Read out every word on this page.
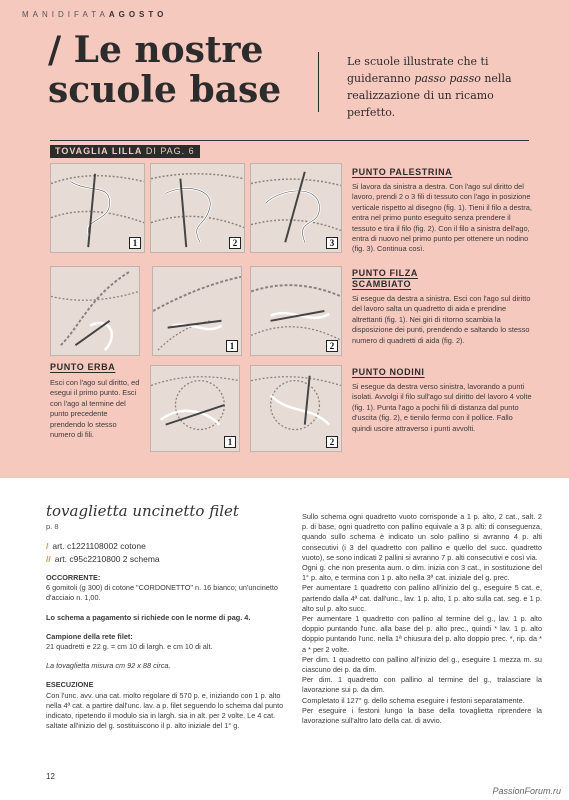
MANIDIFATAAGOSTO
/ Le nostre
scuole base
Le scuole illustrate che ti guideranno passo passo nella realizzazione di un ricamo perfetto.
TOVAGLIA LILLA DI PAG. 6
1	2	3
1	2
1	2
PUNTO PALESTRINA
Si lavora da sinistra a destra. Con l'ago sul diritto del lavoro, prendi 2 o 3 fili di tessuto con l'ago in posizione verticale rispetto al disegno (fig. 1). Tieni il filo a destra, entra nel primo punto eseguito senza prendere il tessuto e tira il filo (fig. 2). Con il filo a sinistra dell'ago, entra di nuovo nel primo punto per ottenere un nodino (fig. 3). Continua così.
PUNTO FILZA
SCAMBIATO
Si esegue da destra a sinistra. Esci con l'ago sul diritto del lavoro salta un quadretto di aida e prendine altrettanti (fig. 1). Nei giri di ritorno scambia la disposizione dei punti, prendendo e saltando lo stesso numero di quadretti di aida (fig. 2).
PUNTO ERBA
Esci con l'ago sul diritto, ed esegui il primo punto. Esci con l'ago al termine del punto precedente prendendo lo stesso numero di fili.
PUNTO NODINI
Si esegue da destra verso sinistra, lavorando a punti isolati. Avvolgi il filo sull'ago sul diritto del lavoro 4 volte (fig. 1). Punta l'ago a pochi fili di distanza dal punto d'uscita (fig. 2), e tienilo fermo con il pollice. Fallo quindi uscire attraverso i punti avvolti.
tovaglietta uncinetto filet
p. 8
/ art. c1221108002 cotone
// art. c95c2210800 2 schema
OCCORRENTE:
6 gomitoli (g 300) di cotone "CORDONETTO" n. 16 bianco; un'uncinetto d'acciaio n. 1,00.
Lo schema a pagamento si richiede con le norme di pag. 4.
Campione della rete filet:
21 quadretti e 22 g. = cm 10 di largh. e cm 10 di alt.
La tovaglietta misura cm 92 x 88 circa.
ESECUZIONE
Con l'unc. avv. una cat. molto regolare di 570 p. e, iniziando con 1 p. alto nella 4ª cat. a partire dall'unc. lav. a p. filet seguendo lo schema dal punto indicato, ripetendo il modulo sia in largh. sia in alt. per 2 volte. Le 4 cat. saltate all'inizio del g. sostituiscono il p. alto iniziale del 1° g.

Sullo schema ogni quadretto vuoto corrisponde a 1 p. alto, 2 cat., salt. 2 p. di base, ogni quadretto con pallino equivale a 3 p. alti: di conseguenza, quando sullo schema è indicato un solo pallino si avranno 4 p. alti consecutivi (i 3 del quadretto con pallino e quello del succ. quadretto vuoto), se sono indicati 2 pallini si avranno 7 p. alti consecutivi e così via.

Ogni g. che non presenta aum. o dim. inizia con 3 cat., in sostituzione del 1° p. alto, e termina con 1 p. alto nella 3ª cat. iniziale del g. prec.

Per aumentare 1 quadretto con pallino all'inizio del g., eseguire 5 cat. e, partendo dalla 4ª cat. dall'unc., lav. 1 p. alto, 1 p. alto sulla cat. seg. e 1 p. alto sul p. alto succ.

Per aumentare 1 quadretto con pallino al termine del g., lav. 1 p. alto doppio puntando l'unc. alla base del p. alto prec., quindi * lav. 1 p. alto doppio puntando l'unc. nella 1ª chiusura del p. alto doppio prec. *, rip. da * a * per 2 volte.

Per dim. 1 quadretto con pallino all'inizio del g., eseguire 1 mezza m. su ciascuno dei p. da dim.

Per dim. 1 quadretto con pallino al termine del g., tralasciare la lavorazione sui p. da dim.

Completato il 127° g. dello schema eseguire i festoni separatamente.

Per eseguire i festoni lungo la base della tovaglietta riprendere la lavorazione sull'altro lato della cat. di avvio.

12
PassionForum.ru
